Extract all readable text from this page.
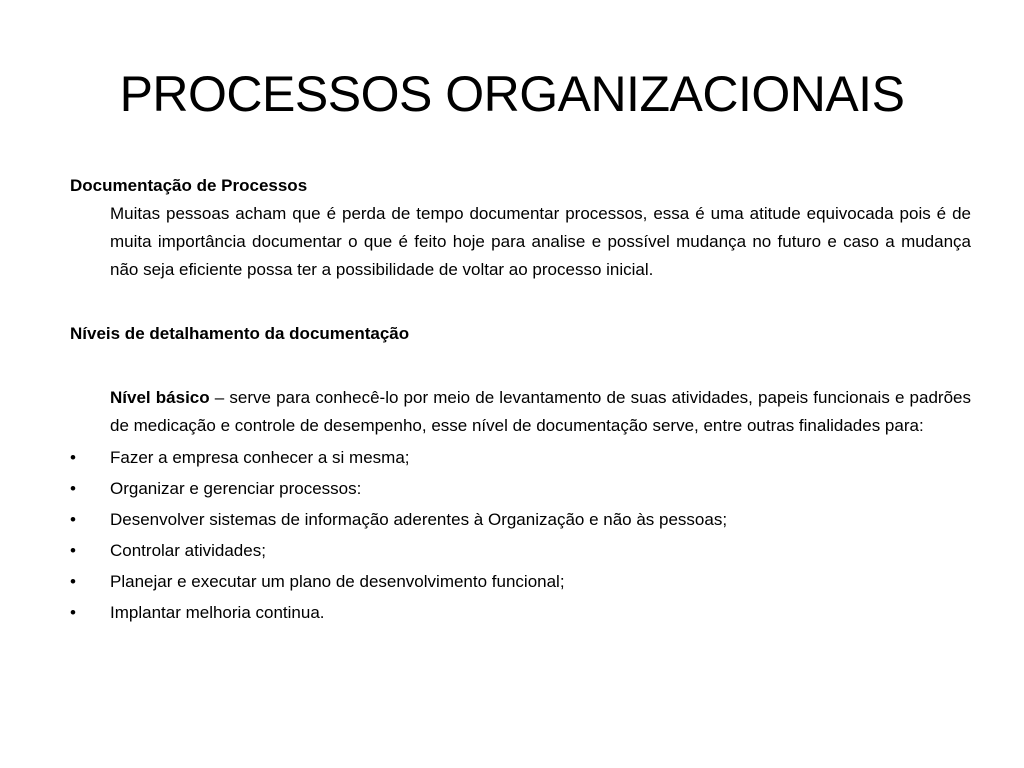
PROCESSOS ORGANIZACIONAIS

Documentação de Processos

Muitas pessoas acham que é perda de tempo documentar processos, essa é uma atitude equivocada pois é de muita importância documentar o que é feito hoje para analise e possível mudança no futuro e caso a mudança não seja eficiente possa ter a possibilidade de voltar ao processo inicial.

Níveis de detalhamento da documentação

Nível básico – serve para conhecê-lo por meio de levantamento de suas atividades, papeis funcionais e padrões de medicação e controle de desempenho, esse nível de documentação serve, entre outras finalidades para:

• Fazer a empresa conhecer a si mesma;
• Organizar e gerenciar processos:
• Desenvolver sistemas de informação aderentes à Organização e não às pessoas;
• Controlar atividades;
• Planejar e executar um plano de desenvolvimento funcional;
• Implantar melhoria continua.
